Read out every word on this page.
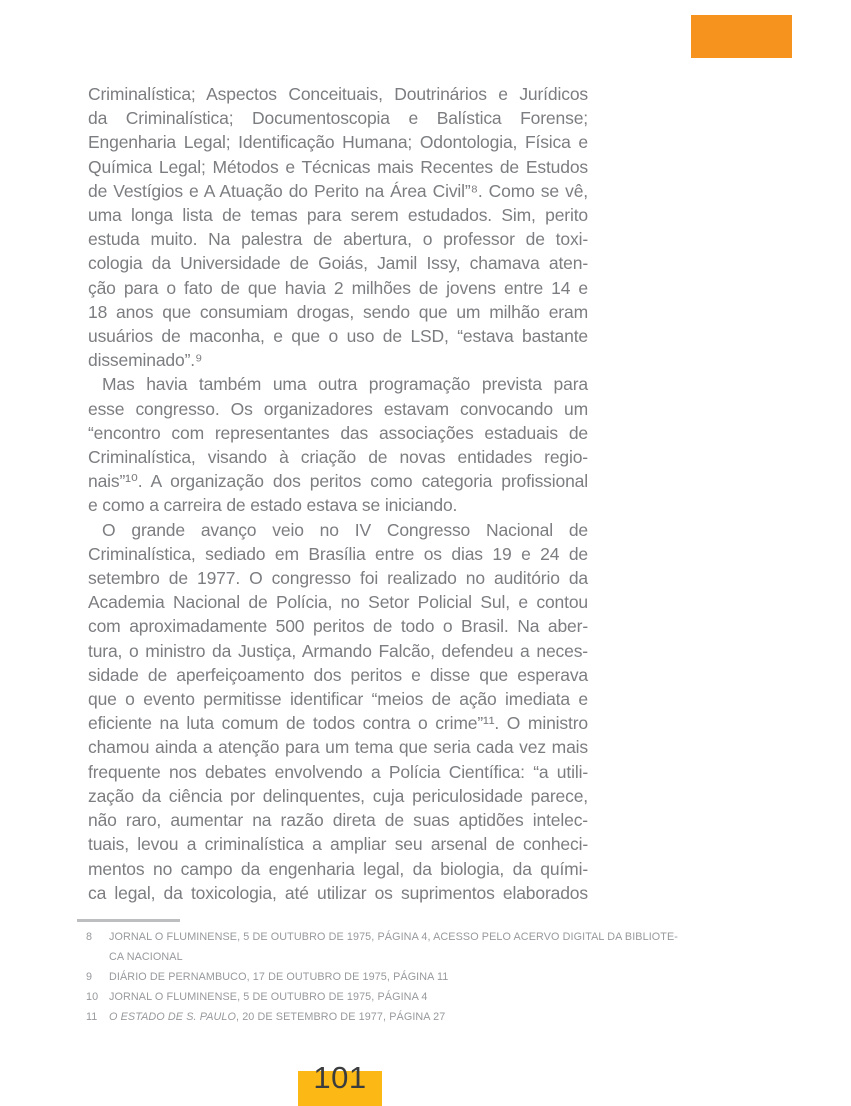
Criminalística; Aspectos Conceituais, Doutrinários e Jurídicos
da Criminalística; Documentoscopia e Balística Forense;
Engenharia Legal; Identificação Humana; Odontologia, Física e
Química Legal; Métodos e Técnicas mais Recentes de Estudos
de Vestígios e A Atuação do Perito na Área Civil”⁸. Como se vê,
uma longa lista de temas para serem estudados. Sim, perito
estuda muito. Na palestra de abertura, o professor de toxi-
cologia da Universidade de Goiás, Jamil Issy, chamava aten-
ção para o fato de que havia 2 milhões de jovens entre 14 e
18 anos que consumiam drogas, sendo que um milhão eram
usuários de maconha, e que o uso de LSD, “estava bastante
disseminado”.⁹
Mas havia também uma outra programação prevista para
esse congresso. Os organizadores estavam convocando um
“encontro com representantes das associações estaduais de
Criminalística, visando à criação de novas entidades regio-
nais”¹⁰. A organização dos peritos como categoria profissional
e como a carreira de estado estava se iniciando.
O grande avanço veio no IV Congresso Nacional de
Criminalística, sediado em Brasília entre os dias 19 e 24 de
setembro de 1977. O congresso foi realizado no auditório da
Academia Nacional de Polícia, no Setor Policial Sul, e contou
com aproximadamente 500 peritos de todo o Brasil. Na aber-
tura, o ministro da Justiça, Armando Falcão, defendeu a neces-
sidade de aperfeiçoamento dos peritos e disse que esperava
que o evento permitisse identificar “meios de ação imediata e
eficiente na luta comum de todos contra o crime”¹¹. O ministro
chamou ainda a atenção para um tema que seria cada vez mais
frequente nos debates envolvendo a Polícia Científica: “a utili-
zação da ciência por delinquentes, cuja periculosidade parece,
não raro, aumentar na razão direta de suas aptidões intelec-
tuais, levou a criminalística a ampliar seu arsenal de conheci-
mentos no campo da engenharia legal, da biologia, da quími-
ca legal, da toxicologia, até utilizar os suprimentos elaborados
8	JORNAL O FLUMINENSE, 5 DE OUTUBRO DE 1975, PÁGINA 4, ACESSO PELO ACERVO DIGITAL DA BIBLIOTE-
CA NACIONAL
9	DIÁRIO DE PERNAMBUCO, 17 DE OUTUBRO DE 1975, PÁGINA 11
10 JORNAL O FLUMINENSE, 5 DE OUTUBRO DE 1975, PÁGINA 4
11	O ESTADO DE S. PAULO, 20 DE SETEMBRO DE 1977, PÁGINA 27
101
